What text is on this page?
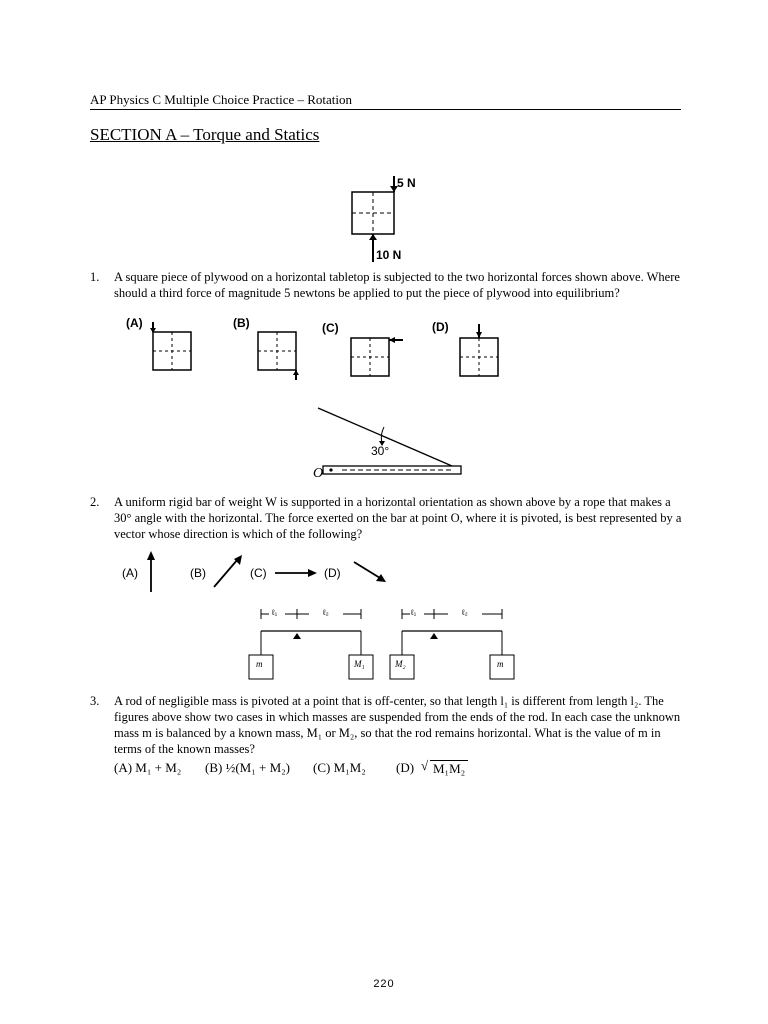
AP Physics C Multiple Choice Practice – Rotation
SECTION A – Torque and Statics
5 N
10 N
1. A square piece of plywood on a horizontal tabletop is subjected to the two horizontal forces shown above. Where should a third force of magnitude 5 newtons be applied to put the piece of plywood into equilibrium?
(A)	(B)	(C)	(D)
30°
O
2. A uniform rigid bar of weight W is supported in a horizontal orientation as shown above by a rope that makes a 30° angle with the horizontal. The force exerted on the bar at point O, where it is pivoted, is best represented by a vector whose direction is which of the following?
(A)	(B)	(C)	(D)
ℓ₁	ℓ₂
m	M₁
ℓ₁	ℓ₂
M₂	m
3. A rod of negligible mass is pivoted at a point that is off-center, so that length l₁ is different from length l₂. The figures above show two cases in which masses are suspended from the ends of the rod. In each case the unknown mass m is balanced by a known mass, M₁ or M₂, so that the rod remains horizontal. What is the value of m in terms of the known masses?
(A) M₁ + M₂ (B) ½(M₁ + M₂) (C) M₁M₂ (D) √ M₁M₂
220
